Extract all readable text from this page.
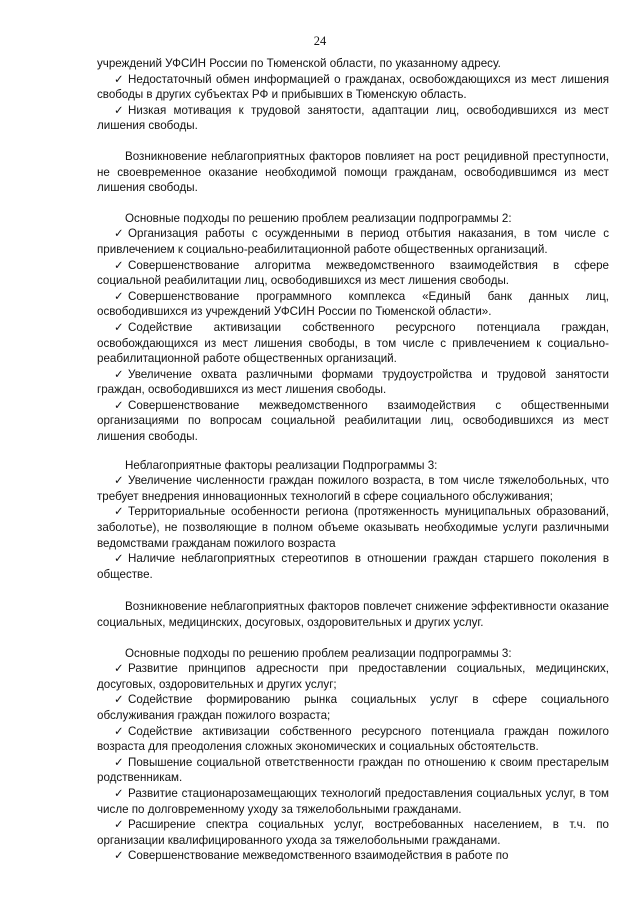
24

учреждений УФСИН России по Тюменской области, по указанному адресу.

✓ Недостаточный обмен информацией о гражданах, освобождающихся из мест лишения свободы в других субъектах РФ и прибывших в Тюменскую область.

✓ Низкая мотивация к трудовой занятости, адаптации лиц, освободившихся из мест лишения свободы.

Возникновение неблагоприятных факторов повлияет на рост рецидивной преступности, не своевременное оказание необходимой помощи гражданам, освободившимся из мест лишения свободы.

Основные подходы по решению проблем реализации подпрограммы 2:

✓ Организация работы с осужденными в период отбытия наказания, в том числе с привлечением к социально-реабилитационной работе общественных организаций.

✓ Совершенствование алгоритма межведомственного взаимодействия в сфере социальной реабилитации лиц, освободившихся из мест лишения свободы.

✓ Совершенствование программного комплекса «Единый банк данных лиц, освободившихся из учреждений УФСИН России по Тюменской области».

✓ Содействие активизации собственного ресурсного потенциала граждан, освобождающихся из мест лишения свободы, в том числе с привлечением к социально-реабилитационной работе общественных организаций.

✓ Увеличение охвата различными формами трудоустройства и трудовой занятости граждан, освободившихся из мест лишения свободы.

✓ Совершенствование межведомственного взаимодействия с общественными организациями по вопросам социальной реабилитации лиц, освободившихся из мест лишения свободы.

Неблагоприятные факторы реализации Подпрограммы 3:

✓ Увеличение численности граждан пожилого возраста, в том числе тяжелобольных, что требует внедрения инновационных технологий в сфере социального обслуживания;

✓ Территориальные особенности региона (протяженность муниципальных образований, заболотье), не позволяющие в полном объеме оказывать необходимые услуги различными ведомствами гражданам пожилого возраста

✓ Наличие неблагоприятных стереотипов в отношении граждан старшего поколения в обществе.

Возникновение неблагоприятных факторов повлечет снижение эффективности оказание социальных, медицинских, досуговых, оздоровительных и других услуг.

Основные подходы по решению проблем реализации подпрограммы 3:

✓ Развитие принципов адресности при предоставлении социальных, медицинских, досуговых, оздоровительных и других услуг;

✓ Содействие формированию рынка социальных услуг в сфере социального обслуживания граждан пожилого возраста;

✓ Содействие активизации собственного ресурсного потенциала граждан пожилого возраста для преодоления сложных экономических и социальных обстоятельств.

✓ Повышение социальной ответственности граждан по отношению к своим престарелым родственникам.

✓ Развитие стационарозамещающих технологий предоставления социальных услуг, в том числе по долговременному уходу за тяжелобольными гражданами.

✓ Расширение спектра социальных услуг, востребованных населением, в т.ч. по организации квалифицированного ухода за тяжелобольными гражданами.

✓ Совершенствование межведомственного взаимодействия в работе по
